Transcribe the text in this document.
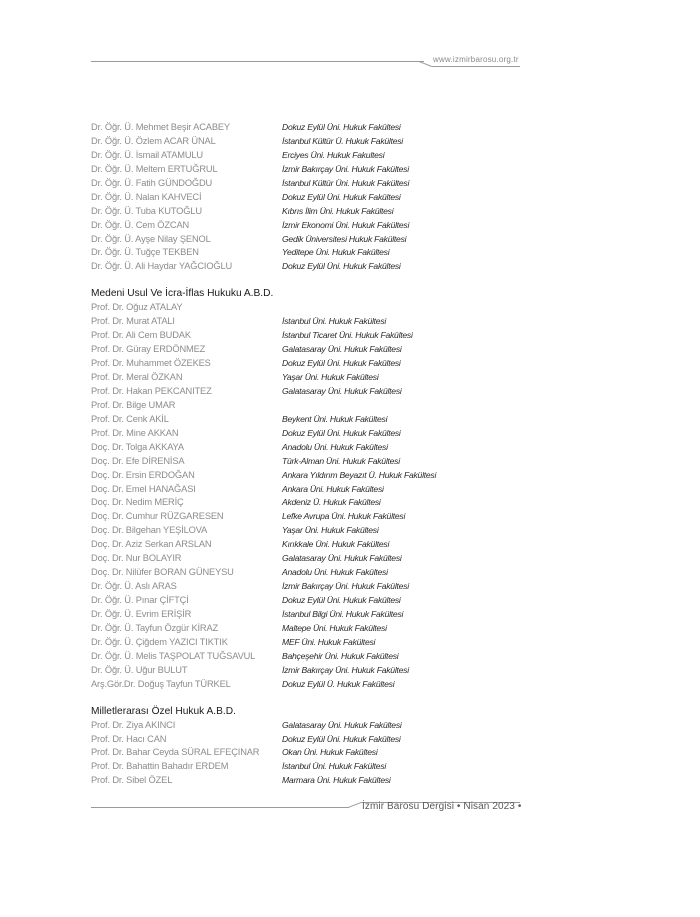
www.izmirbarosu.org.tr
Dr. Öğr. Ü. Mehmet Beşir ACABEY	Dokuz Eylül Üni. Hukuk Fakültesi
Dr. Öğr. Ü. Özlem ACAR ÜNAL	İstanbul Kültür Ü. Hukuk Fakültesi
Dr. Öğr. Ü. İsmail ATAMULU	Erciyes Üni. Hukuk Fakultesi
Dr. Öğr. Ü. Meltem ERTUĞRUL	İzmir Bakırçay Üni. Hukuk Fakültesi
Dr. Öğr. Ü. Fatih GÜNDOĞDU	İstanbul Kültür Üni. Hukuk Fakültesi
Dr. Öğr. Ü. Nalan KAHVECİ	Dokuz Eylül Üni. Hukuk Fakültesi
Dr. Öğr. Ü. Tuba KUTOĞLU	Kıbrıs İlim Üni. Hukuk Fakültesi
Dr. Öğr. Ü. Cem ÖZCAN	İzmir Ekonomi Üni. Hukuk Fakültesi
Dr. Öğr. Ü. Ayşe Nilay ŞENOL	Gedik Üniversitesi Hukuk Fakültesi
Dr. Öğr. Ü. Tuğçe TEKBEN	Yeditepe Üni. Hukuk Fakültesi
Dr. Öğr. Ü. Ali Haydar YAĞCIOĞLU	Dokuz Eylül Üni. Hukuk Fakültesi
Medeni Usul Ve İcra-İflas Hukuku A.B.D.
Prof. Dr. Oğuz ATALAY
Prof. Dr. Murat ATALI	İstanbul Üni. Hukuk Fakültesi
Prof. Dr. Ali Cem BUDAK	İstanbul Ticaret Üni. Hukuk Fakültesi
Prof. Dr. Güray ERDÖNMEZ	Galatasaray Üni. Hukuk Fakültesi
Prof. Dr. Muhammet ÖZEKES	Dokuz Eylül Üni. Hukuk Fakültesi
Prof. Dr. Meral ÖZKAN	Yaşar Üni. Hukuk Fakültesi
Prof. Dr. Hakan PEKCANITEZ	Galatasaray Üni. Hukuk Fakültesi
Prof. Dr. Bilge UMAR
Prof. Dr. Cenk AKİL	Beykent Üni. Hukuk Fakültesi
Prof. Dr. Mine AKKAN	Dokuz Eylül Üni. Hukuk Fakültesi
Doç. Dr. Tolga AKKAYA	Anadolu Üni. Hukuk Fakültesi
Doç. Dr. Efe DİRENİSA	Türk-Alman Üni. Hukuk Fakültesi
Doç. Dr. Ersin ERDOĞAN	Ankara Yıldırım Beyazıt Ü. Hukuk Fakültesi
Doç. Dr. Emel HANAĞASI	Ankara Üni. Hukuk Fakültesi
Doç. Dr. Nedim MERİÇ	Akdeniz Ü. Hukuk Fakültesi
Doç. Dr. Cumhur RÜZGARESEN	Lefke Avrupa Üni. Hukuk Fakültesi
Doç. Dr. Bilgehan YEŞİLOVA	Yaşar Üni. Hukuk Fakültesi
Doç. Dr. Aziz Serkan ARSLAN	Kırıkkale Üni. Hukuk Fakültesi
Doç. Dr. Nur BOLAYIR	Galatasaray Üni. Hukuk Fakültesi
Doç. Dr. Nilüfer BORAN GÜNEYSU	Anadolu Üni. Hukuk Fakültesi
Dr. Öğr. Ü. Aslı ARAS	İzmir Bakırçay Üni. Hukuk Fakültesi
Dr. Öğr. Ü. Pınar ÇİFTÇİ	Dokuz Eylül Üni. Hukuk Fakültesi
Dr. Öğr. Ü. Evrim ERİŞİR	İstanbul Bilgi Üni. Hukuk Fakültesi
Dr. Öğr. Ü. Tayfun Özgür KİRAZ	Maltepe Üni. Hukuk Fakültesi
Dr. Öğr. Ü. Çiğdem YAZICI TIKTIK	MEF Üni. Hukuk Fakültesi
Dr. Öğr. Ü. Melis TAŞPOLAT TUĞSAVUL	Bahçeşehir Üni. Hukuk Fakültesi
Dr. Öğr. Ü. Uğur BULUT	İzmir Bakırçay Üni. Hukuk Fakültesi
Arş.Gör.Dr. Doğuş Tayfun TÜRKEL	Dokuz Eylül Ü. Hukuk Fakültesi
Milletlerarası Özel Hukuk A.B.D.
Prof. Dr. Ziya AKINCI	Galatasaray Üni. Hukuk Fakültesi
Prof. Dr. Hacı CAN	Dokuz Eylül Üni. Hukuk Fakültesi
Prof. Dr. Bahar Ceyda SÜRAL EFEÇINAR	Okan Üni. Hukuk Fakültesi
Prof. Dr. Bahattin Bahadır ERDEM	İstanbul Üni. Hukuk Fakültesi
Prof. Dr. Sibel ÖZEL	Marmara Üni. Hukuk Fakültesi
İzmir Barosu Dergisi • Nisan 2023 •
